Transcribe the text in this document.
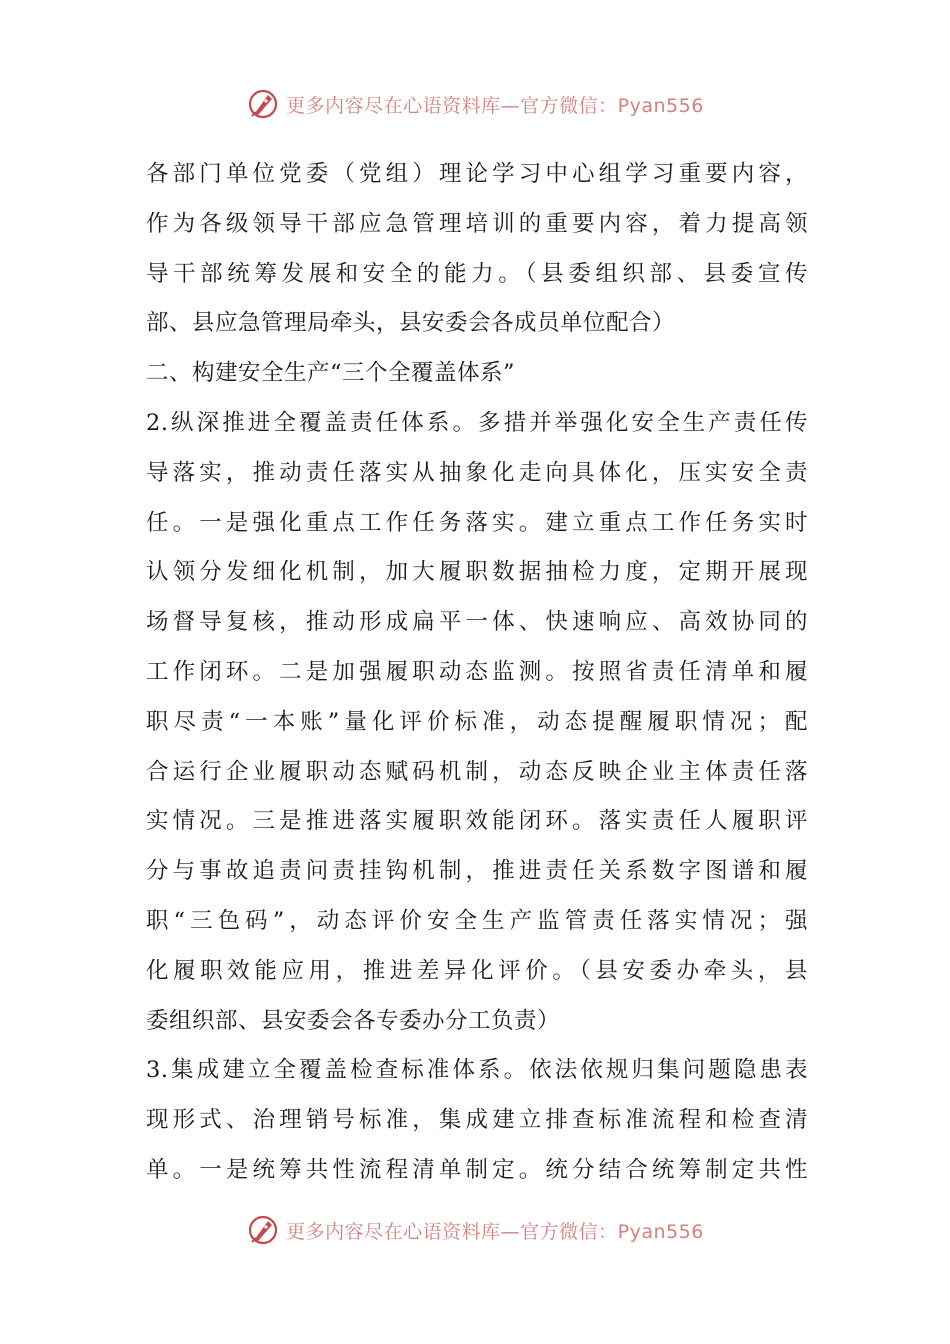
更多内容尽在心语资料库—官方微信：Pyan556
各部门单位党委（党组）理论学习中心组学习重要内容，
作为各级领导干部应急管理培训的重要内容，着力提高领
导干部统筹发展和安全的能力。（县委组织部、县委宣传
部、县应急管理局牵头，县安委会各成员单位配合）
二、构建安全生产“三个全覆盖体系”
2.纵深推进全覆盖责任体系。多措并举强化安全生产责任传
导落实，推动责任落实从抽象化走向具体化，压实安全责
任。一是强化重点工作任务落实。建立重点工作任务实时
认领分发细化机制，加大履职数据抽检力度，定期开展现
场督导复核，推动形成扁平一体、快速响应、高效协同的
工作闭环。二是加强履职动态监测。按照省责任清单和履
职尽责“一本账”量化评价标准，动态提醒履职情况；配
合运行企业履职动态赋码机制，动态反映企业主体责任落
实情况。三是推进落实履职效能闭环。落实责任人履职评
分与事故追责问责挂钩机制，推进责任关系数字图谱和履
职“三色码”，动态评价安全生产监管责任落实情况；强
化履职效能应用，推进差异化评价。（县安委办牵头，县
委组织部、县安委会各专委办分工负责）
3.集成建立全覆盖检查标准体系。依法依规归集问题隐患表
现形式、治理销号标准，集成建立排查标准流程和检查清
单。一是统筹共性流程清单制定。统分结合统筹制定共性
更多内容尽在心语资料库—官方微信：Pyan556
